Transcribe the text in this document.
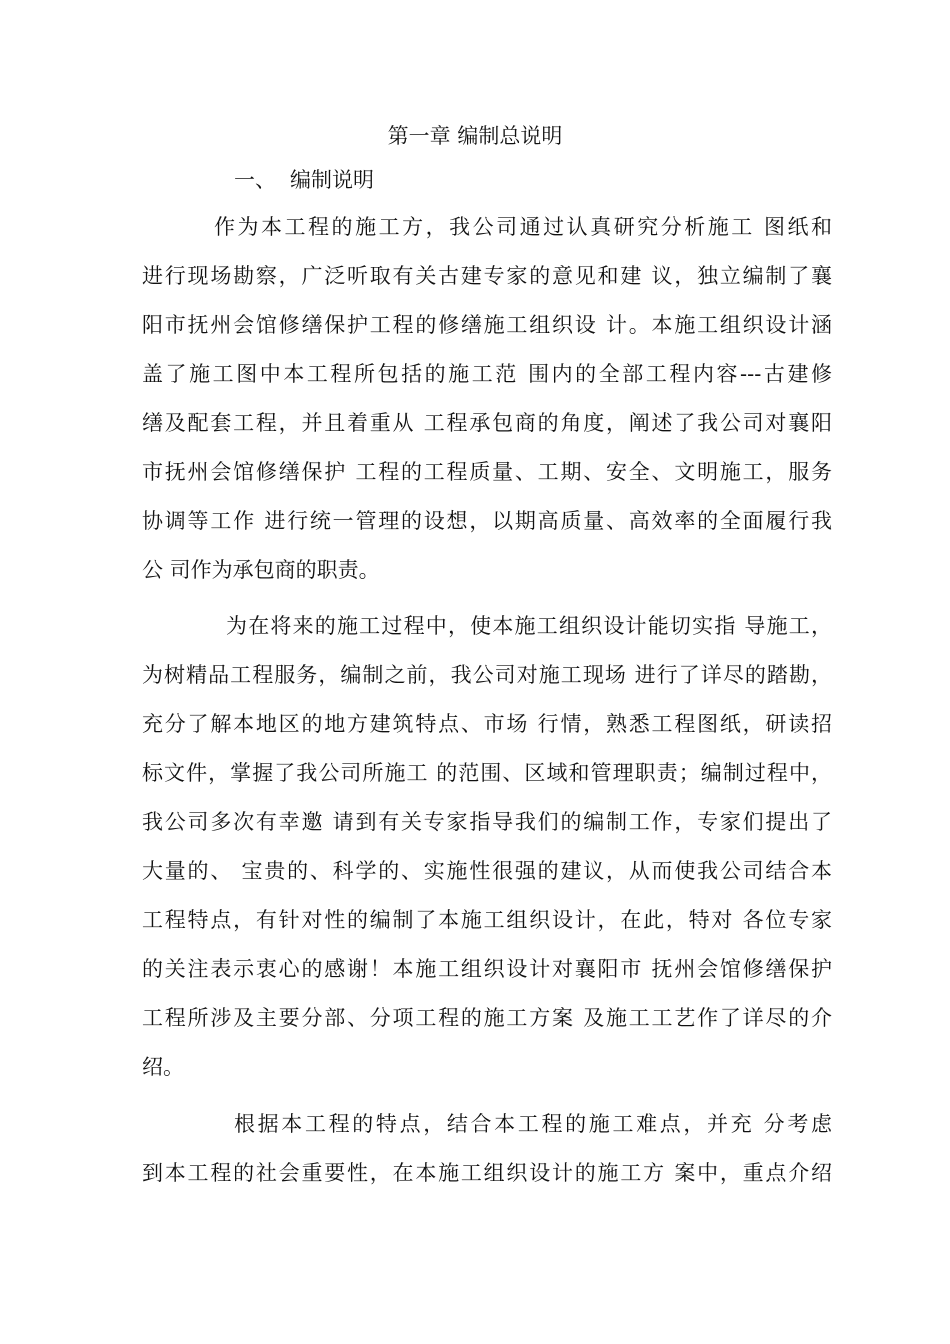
第一章 编制总说明
一、 编制说明
作为本工程的施工方，我公司通过认真研究分析施工 图纸和
进行现场勘察，广泛听取有关古建专家的意见和建 议，独立编制了襄
阳市抚州会馆修缮保护工程的修缮施工组织设 计。本施工组织设计涵
盖了施工图中本工程所包括的施工范 围内的全部工程内容---古建修
缮及配套工程，并且着重从 工程承包商的角度，阐述了我公司对襄阳
市抚州会馆修缮保护 工程的工程质量、工期、安全、文明施工，服务
协调等工作 进行统一管理的设想，以期高质量、高效率的全面履行我
公 司作为承包商的职责。
为在将来的施工过程中，使本施工组织设计能切实指 导施工，
为树精品工程服务，编制之前，我公司对施工现场 进行了详尽的踏勘，
充分了解本地区的地方建筑特点、市场 行情，熟悉工程图纸，研读招
标文件，掌握了我公司所施工 的范围、区域和管理职责；编制过程中，
我公司多次有幸邀 请到有关专家指导我们的编制工作，专家们提出了
大量的、 宝贵的、科学的、实施性很强的建议，从而使我公司结合本
工程特点，有针对性的编制了本施工组织设计，在此，特对 各位专家
的关注表示衷心的感谢！本施工组织设计对襄阳市 抚州会馆修缮保护
工程所涉及主要分部、分项工程的施工方案 及施工工艺作了详尽的介
绍。
根据本工程的特点，结合本工程的施工难点，并充 分考虑
到本工程的社会重要性，在本施工组织设计的施工方 案中，重点介绍
